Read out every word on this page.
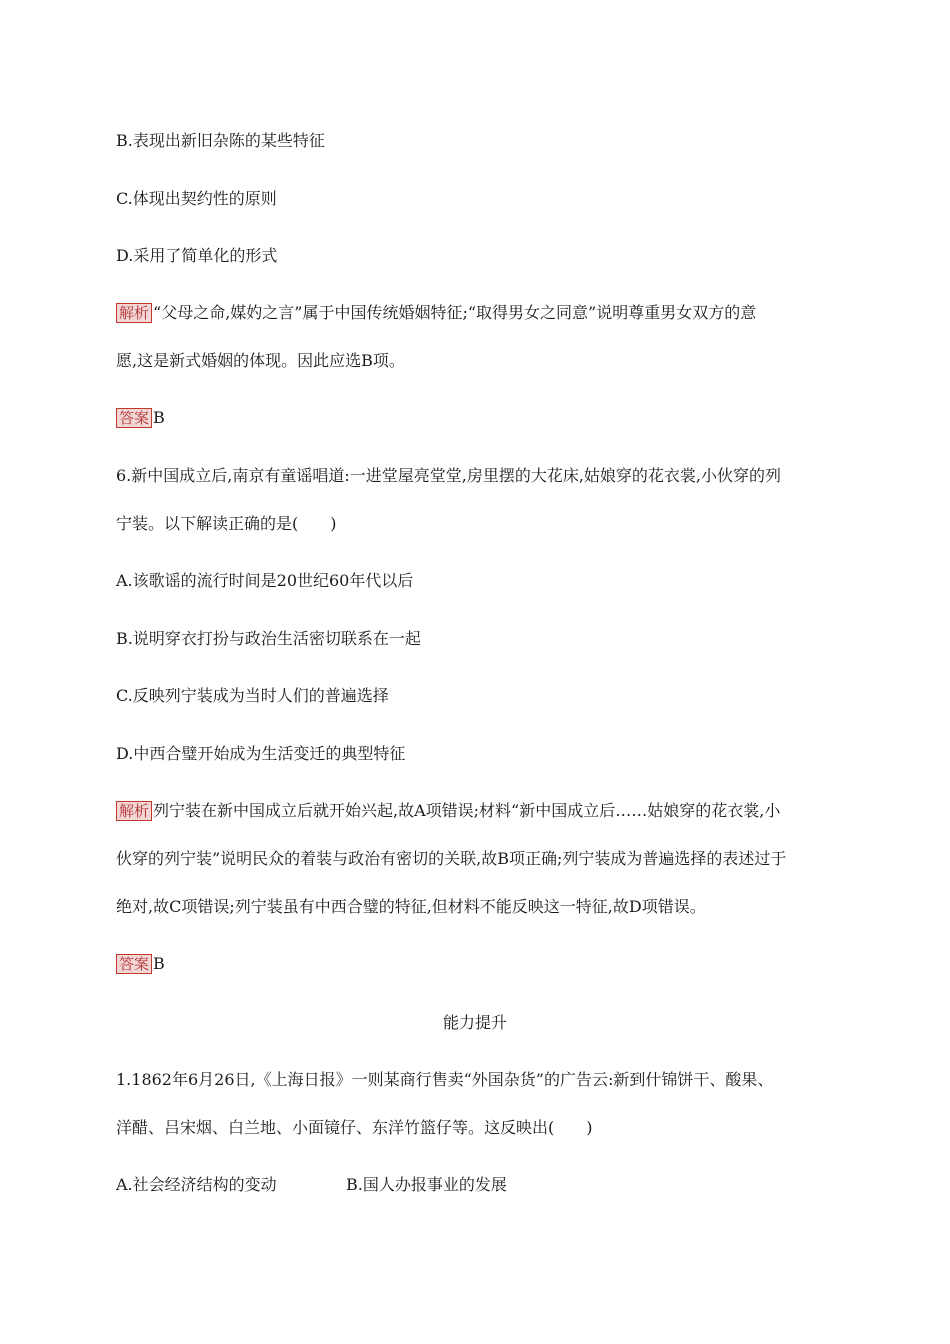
B.表现出新旧杂陈的某些特征
C.体现出契约性的原则
D.采用了简单化的形式
解析 “父母之命,媒妁之言”属于中国传统婚姻特征;“取得男女之同意”说明尊重男女双方的意
愿,这是新式婚姻的体现。因此应选B项。
答案 B
6.新中国成立后,南京有童谣唱道:一进堂屋亮堂堂,房里摆的大花床,姑娘穿的花衣裳,小伙穿的列
宁装。以下解读正确的是(　　)
A.该歌谣的流行时间是20世纪60年代以后
B.说明穿衣打扮与政治生活密切联系在一起
C.反映列宁装成为当时人们的普遍选择
D.中西合璧开始成为生活变迁的典型特征
解析 列宁装在新中国成立后就开始兴起,故A项错误;材料“新中国成立后……姑娘穿的花衣裳,小
伙穿的列宁装”说明民众的着装与政治有密切的关联,故B项正确;列宁装成为普遍选择的表述过于
绝对,故C项错误;列宁装虽有中西合璧的特征,但材料不能反映这一特征,故D项错误。
答案 B
能力提升
1.1862年6月26日,《上海日报》一则某商行售卖“外国杂货”的广告云:新到什锦饼干、酸果、
洋醋、吕宋烟、白兰地、小面镜仔、东洋竹篮仔等。这反映出(　　)
A.社会经济结构的变动	B.国人办报事业的发展
